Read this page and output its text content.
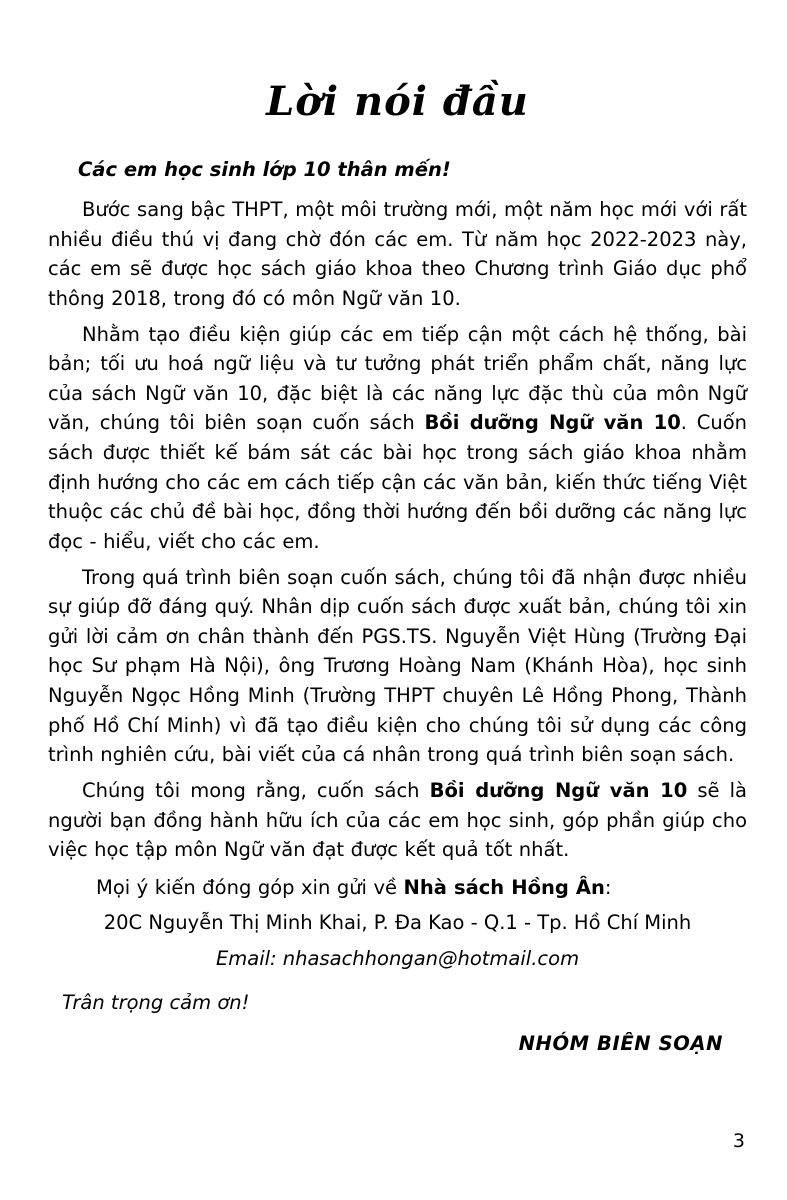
Lời nói đầu

Các em học sinh lớp 10 thân mến!

Bước sang bậc THPT, một môi trường mới, một năm học mới với rất nhiều điều thú vị đang chờ đón các em. Từ năm học 2022-2023 này, các em sẽ được học sách giáo khoa theo Chương trình Giáo dục phổ thông 2018, trong đó có môn Ngữ văn 10.

Nhằm tạo điều kiện giúp các em tiếp cận một cách hệ thống, bài bản; tối ưu hoá ngữ liệu và tư tưởng phát triển phẩm chất, năng lực của sách Ngữ văn 10, đặc biệt là các năng lực đặc thù của môn Ngữ văn, chúng tôi biên soạn cuốn sách Bồi dưỡng Ngữ văn 10. Cuốn sách được thiết kế bám sát các bài học trong sách giáo khoa nhằm định hướng cho các em cách tiếp cận các văn bản, kiến thức tiếng Việt thuộc các chủ đề bài học, đồng thời hướng đến bồi dưỡng các năng lực đọc - hiểu, viết cho các em.

Trong quá trình biên soạn cuốn sách, chúng tôi đã nhận được nhiều sự giúp đỡ đáng quý. Nhân dịp cuốn sách được xuất bản, chúng tôi xin gửi lời cảm ơn chân thành đến PGS.TS. Nguyễn Việt Hùng (Trường Đại học Sư phạm Hà Nội), ông Trương Hoàng Nam (Khánh Hòa), học sinh Nguyễn Ngọc Hồng Minh (Trường THPT chuyên Lê Hồng Phong, Thành phố Hồ Chí Minh) vì đã tạo điều kiện cho chúng tôi sử dụng các công trình nghiên cứu, bài viết của cá nhân trong quá trình biên soạn sách.

Chúng tôi mong rằng, cuốn sách Bồi dưỡng Ngữ văn 10 sẽ là người bạn đồng hành hữu ích của các em học sinh, góp phần giúp cho việc học tập môn Ngữ văn đạt được kết quả tốt nhất.

Mọi ý kiến đóng góp xin gửi về Nhà sách Hồng Ân:

20C Nguyễn Thị Minh Khai, P. Đa Kao - Q.1 - Tp. Hồ Chí Minh

Email: nhasachhongan@hotmail.com

Trân trọng cảm ơn!

NHÓM BIÊN SOẠN

3
